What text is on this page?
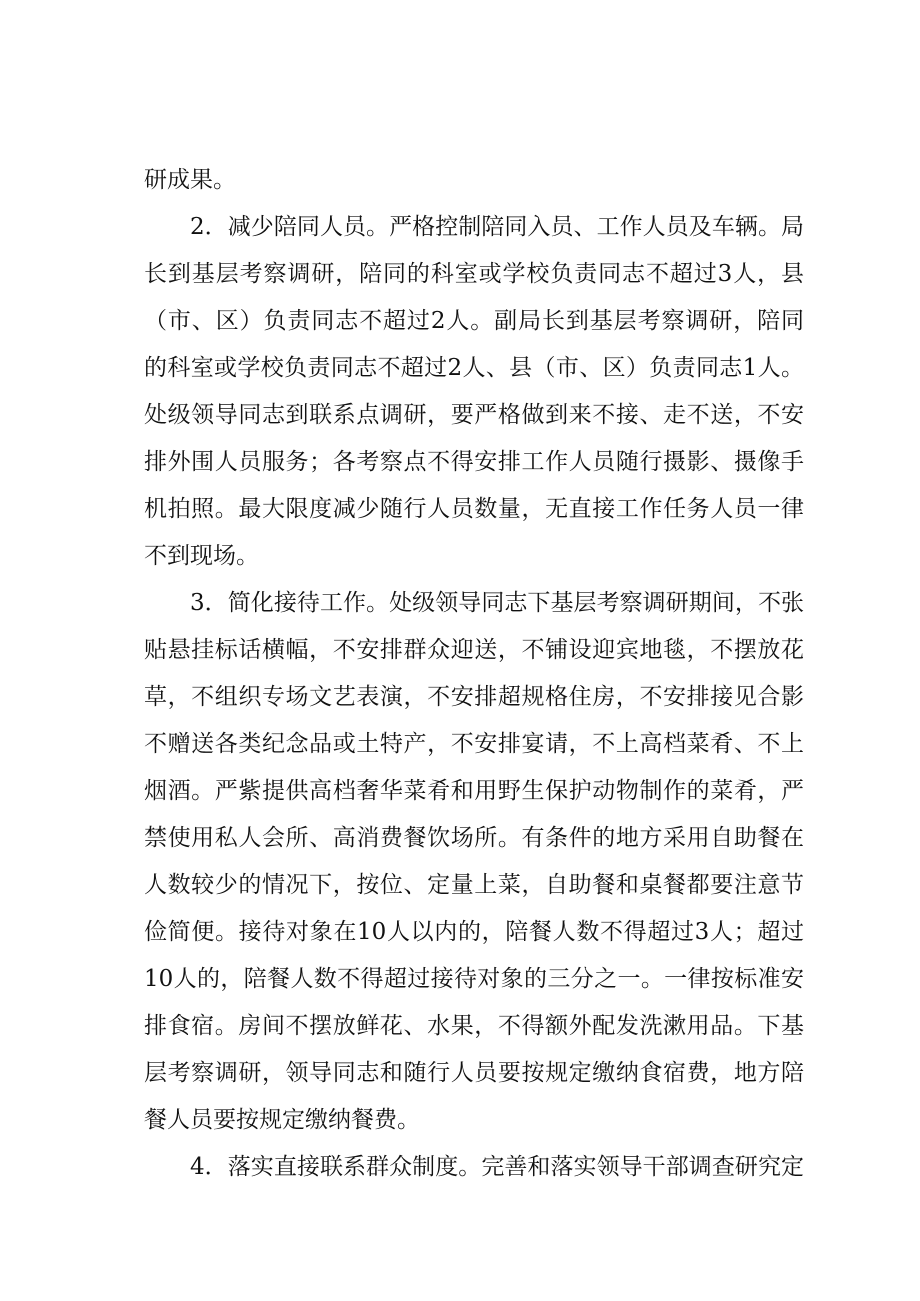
研成果。
2．减少陪同人员。严格控制陪同入员、工作人员及车辆。局
长到基层考察调研，陪同的科室或学校负责同志不超过3人，县
（市、区）负责同志不超过2人。副局长到基层考察调研，陪同
的科室或学校负责同志不超过2人、县（市、区）负责同志1人。
处级领导同志到联系点调研，要严格做到来不接、走不送，不安
排外围人员服务；各考察点不得安排工作人员随行摄影、摄像手
机拍照。最大限度减少随行人员数量，无直接工作任务人员一律
不到现场。
3．简化接待工作。处级领导同志下基层考察调研期间，不张
贴悬挂标话横幅，不安排群众迎送，不铺设迎宾地毯，不摆放花
草，不组织专场文艺表演，不安排超规格住房，不安排接见合影
不赠送各类纪念品或土特产，不安排宴请，不上高档菜肴、不上
烟酒。严紫提供高档奢华菜肴和用野生保护动物制作的菜肴，严
禁使用私人会所、高消费餐饮场所。有条件的地方采用自助餐在
人数较少的情况下，按位、定量上菜，自助餐和桌餐都要注意节
俭简便。接待对象在10人以内的，陪餐人数不得超过3人；超过
10人的，陪餐人数不得超过接待对象的三分之一。一律按标准安
排食宿。房间不摆放鲜花、水果，不得额外配发洗漱用品。下基
层考察调研，领导同志和随行人员要按规定缴纳食宿费，地方陪
餐人员要按规定缴纳餐费。
4．落实直接联系群众制度。完善和落实领导干部调查研究定
